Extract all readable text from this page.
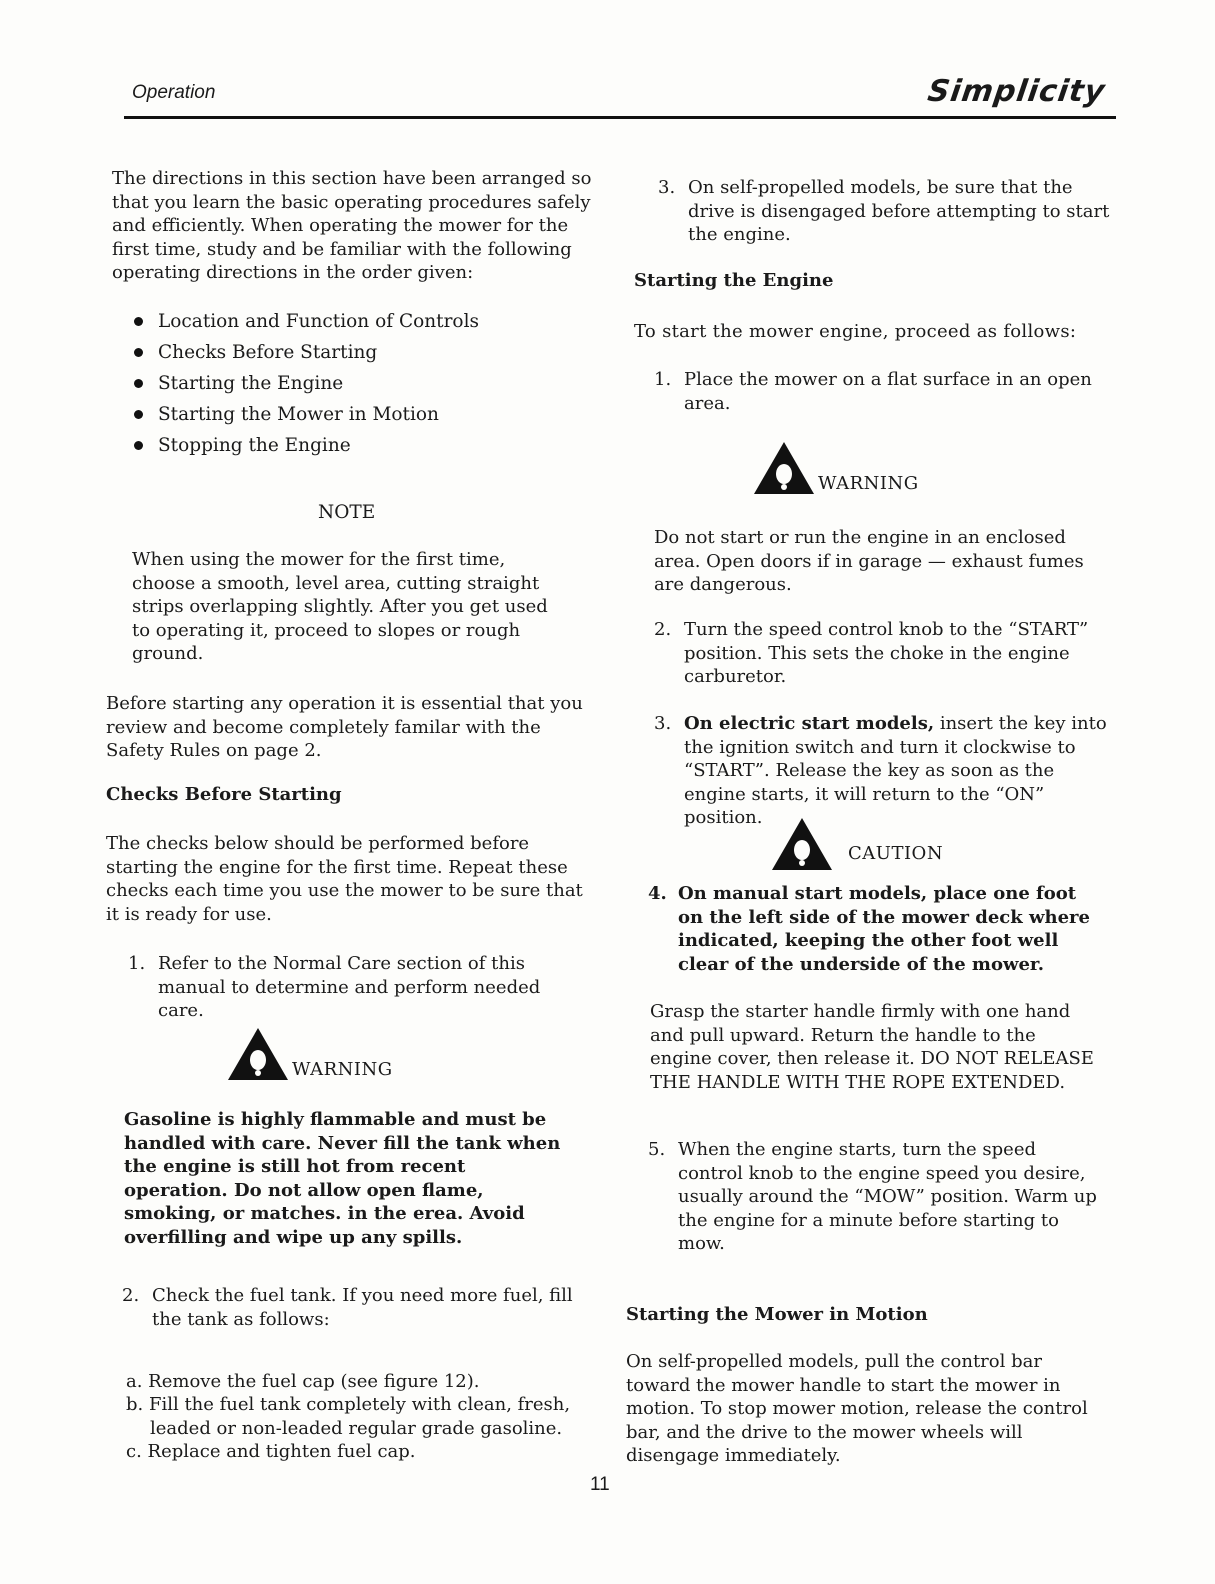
Operation	Simplicity

The directions in this section have been arranged so that you learn the basic operating procedures safely and efficiently. When operating the mower for the first time, study and be familiar with the following operating directions in the order given:

Location and Function of Controls
Checks Before Starting
Starting the Engine
Starting the Mower in Motion
Stopping the Engine
NOTE

When using the mower for the first time, choose a smooth, level area, cutting straight strips overlapping slightly. After you get used to operating it, proceed to slopes or rough ground.

Before starting any operation it is essential that you review and become completely familar with the Safety Rules on page 2.

Checks Before Starting

The checks below should be performed before starting the engine for the first time. Repeat these checks each time you use the mower to be sure that it is ready for use.

1. Refer to the Normal Care section of this manual to determine and perform needed care.
WARNING

Gasoline is highly flammable and must be handled with care. Never fill the tank when the engine is still hot from recent operation. Do not allow open flame, smoking, or matches. in the erea. Avoid overfilling and wipe up any spills.

2. Check the fuel tank. If you need more fuel, fill the tank as follows:
a. Remove the fuel cap (see figure 12).
b. Fill the fuel tank completely with clean, fresh, leaded or non-leaded regular grade gasoline.
c. Replace and tighten fuel cap.
3. On self-propelled models, be sure that the drive is disengaged before attempting to start the engine.
Starting the Engine

To start the mower engine, proceed as follows:

1. Place the mower on a flat surface in an open area.
WARNING

Do not start or run the engine in an enclosed area. Open doors if in garage — exhaust fumes are dangerous.

2. Turn the speed control knob to the “START” position. This sets the choke in the engine carburetor.
3. On electric start models, insert the key into the ignition switch and turn it clockwise to “START”. Release the key as soon as the engine starts, it will return to the “ON” position.
CAUTION
4. On manual start models, place one foot on the left side of the mower deck where indicated, keeping the other foot well clear of the underside of the mower.

Grasp the starter handle firmly with one hand and pull upward. Return the handle to the engine cover, then release it. DO NOT RELEASE THE HANDLE WITH THE ROPE EXTENDED.

5. When the engine starts, turn the speed control knob to the engine speed you desire, usually around the “MOW” position. Warm up the engine for a minute before starting to mow.
Starting the Mower in Motion

On self-propelled models, pull the control bar toward the mower handle to start the mower in motion. To stop mower motion, release the control bar, and the drive to the mower wheels will disengage immediately.

11
